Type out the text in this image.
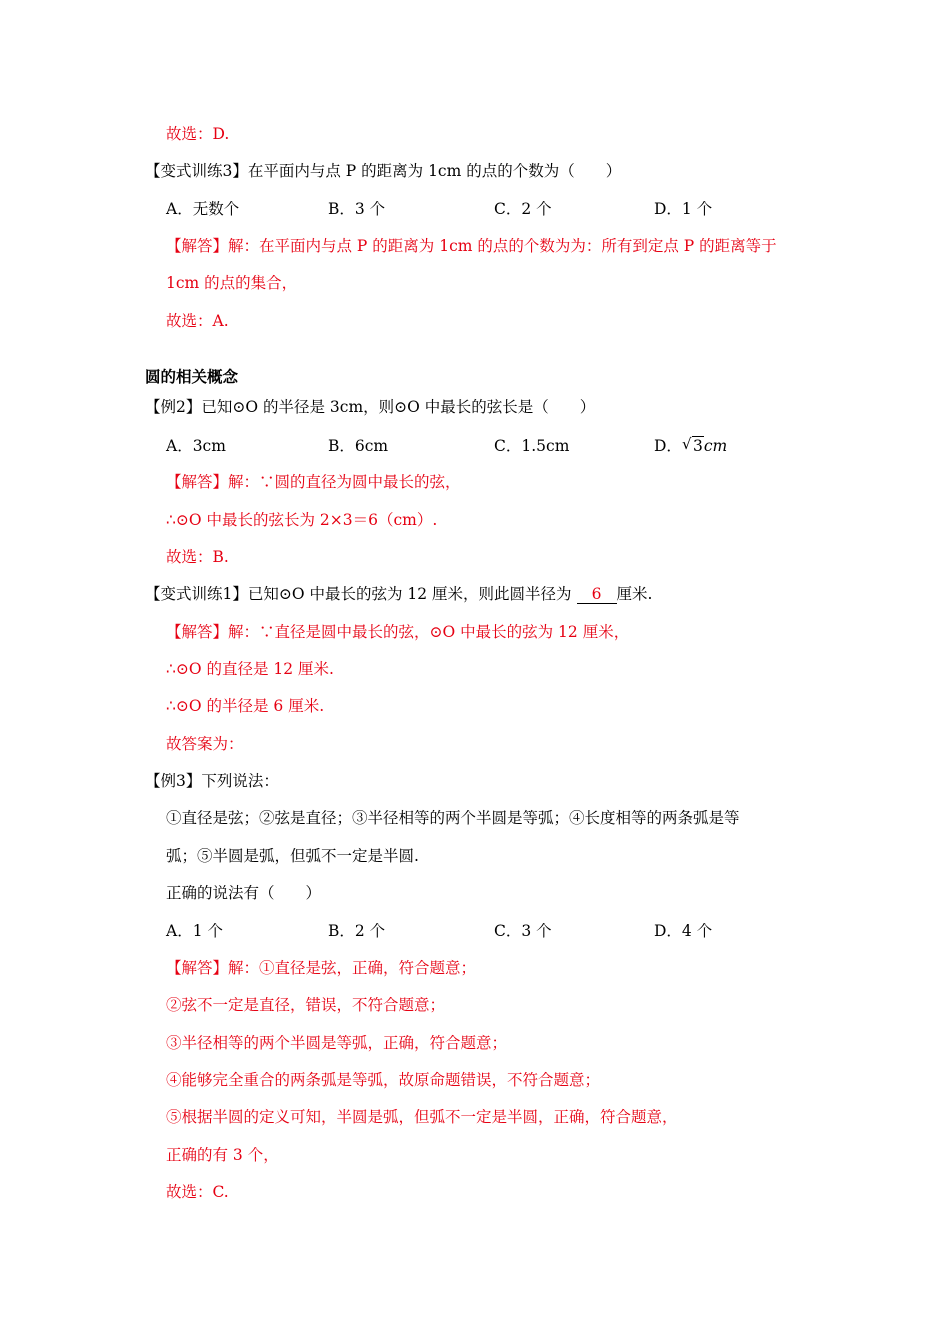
故选：D.
【变式训练3】在平面内与点 P 的距离为 1cm 的点的个数为（　　）
A．无数个	B．3 个	C．2 个	D．1 个
【解答】解：在平面内与点 P 的距离为 1cm 的点的个数为为：所有到定点 P 的距离等于
1cm 的点的集合，
故选：A.
圆的相关概念
【例2】已知⊙O 的半径是 3cm，则⊙O 中最长的弦长是（　　）
A．3cm	B．6cm	C．1.5cm	D． √ 3cm
【解答】解：∵圆的直径为圆中最长的弦，
∴⊙O 中最长的弦长为 2×3＝6（cm）.
故选：B.
【变式训练1】已知⊙O 中最长的弦为 12 厘米，则此圆半径为 6 厘米.
【解答】解：∵直径是圆中最长的弦，⊙O 中最长的弦为 12 厘米，
∴⊙O 的直径是 12 厘米.
∴⊙O 的半径是 6 厘米.
故答案为：
【例3】下列说法：
①直径是弦；②弦是直径；③半径相等的两个半圆是等弧；④长度相等的两条弧是等
弧；⑤半圆是弧，但弧不一定是半圆.
正确的说法有（　　）
A．1 个	B．2 个	C．3 个	D．4 个
【解答】解：①直径是弦，正确，符合题意；
②弦不一定是直径，错误，不符合题意；
③半径相等的两个半圆是等弧，正确，符合题意；
④能够完全重合的两条弧是等弧，故原命题错误，不符合题意；
⑤根据半圆的定义可知，半圆是弧，但弧不一定是半圆，正确，符合题意，
正确的有 3 个，
故选：C.
